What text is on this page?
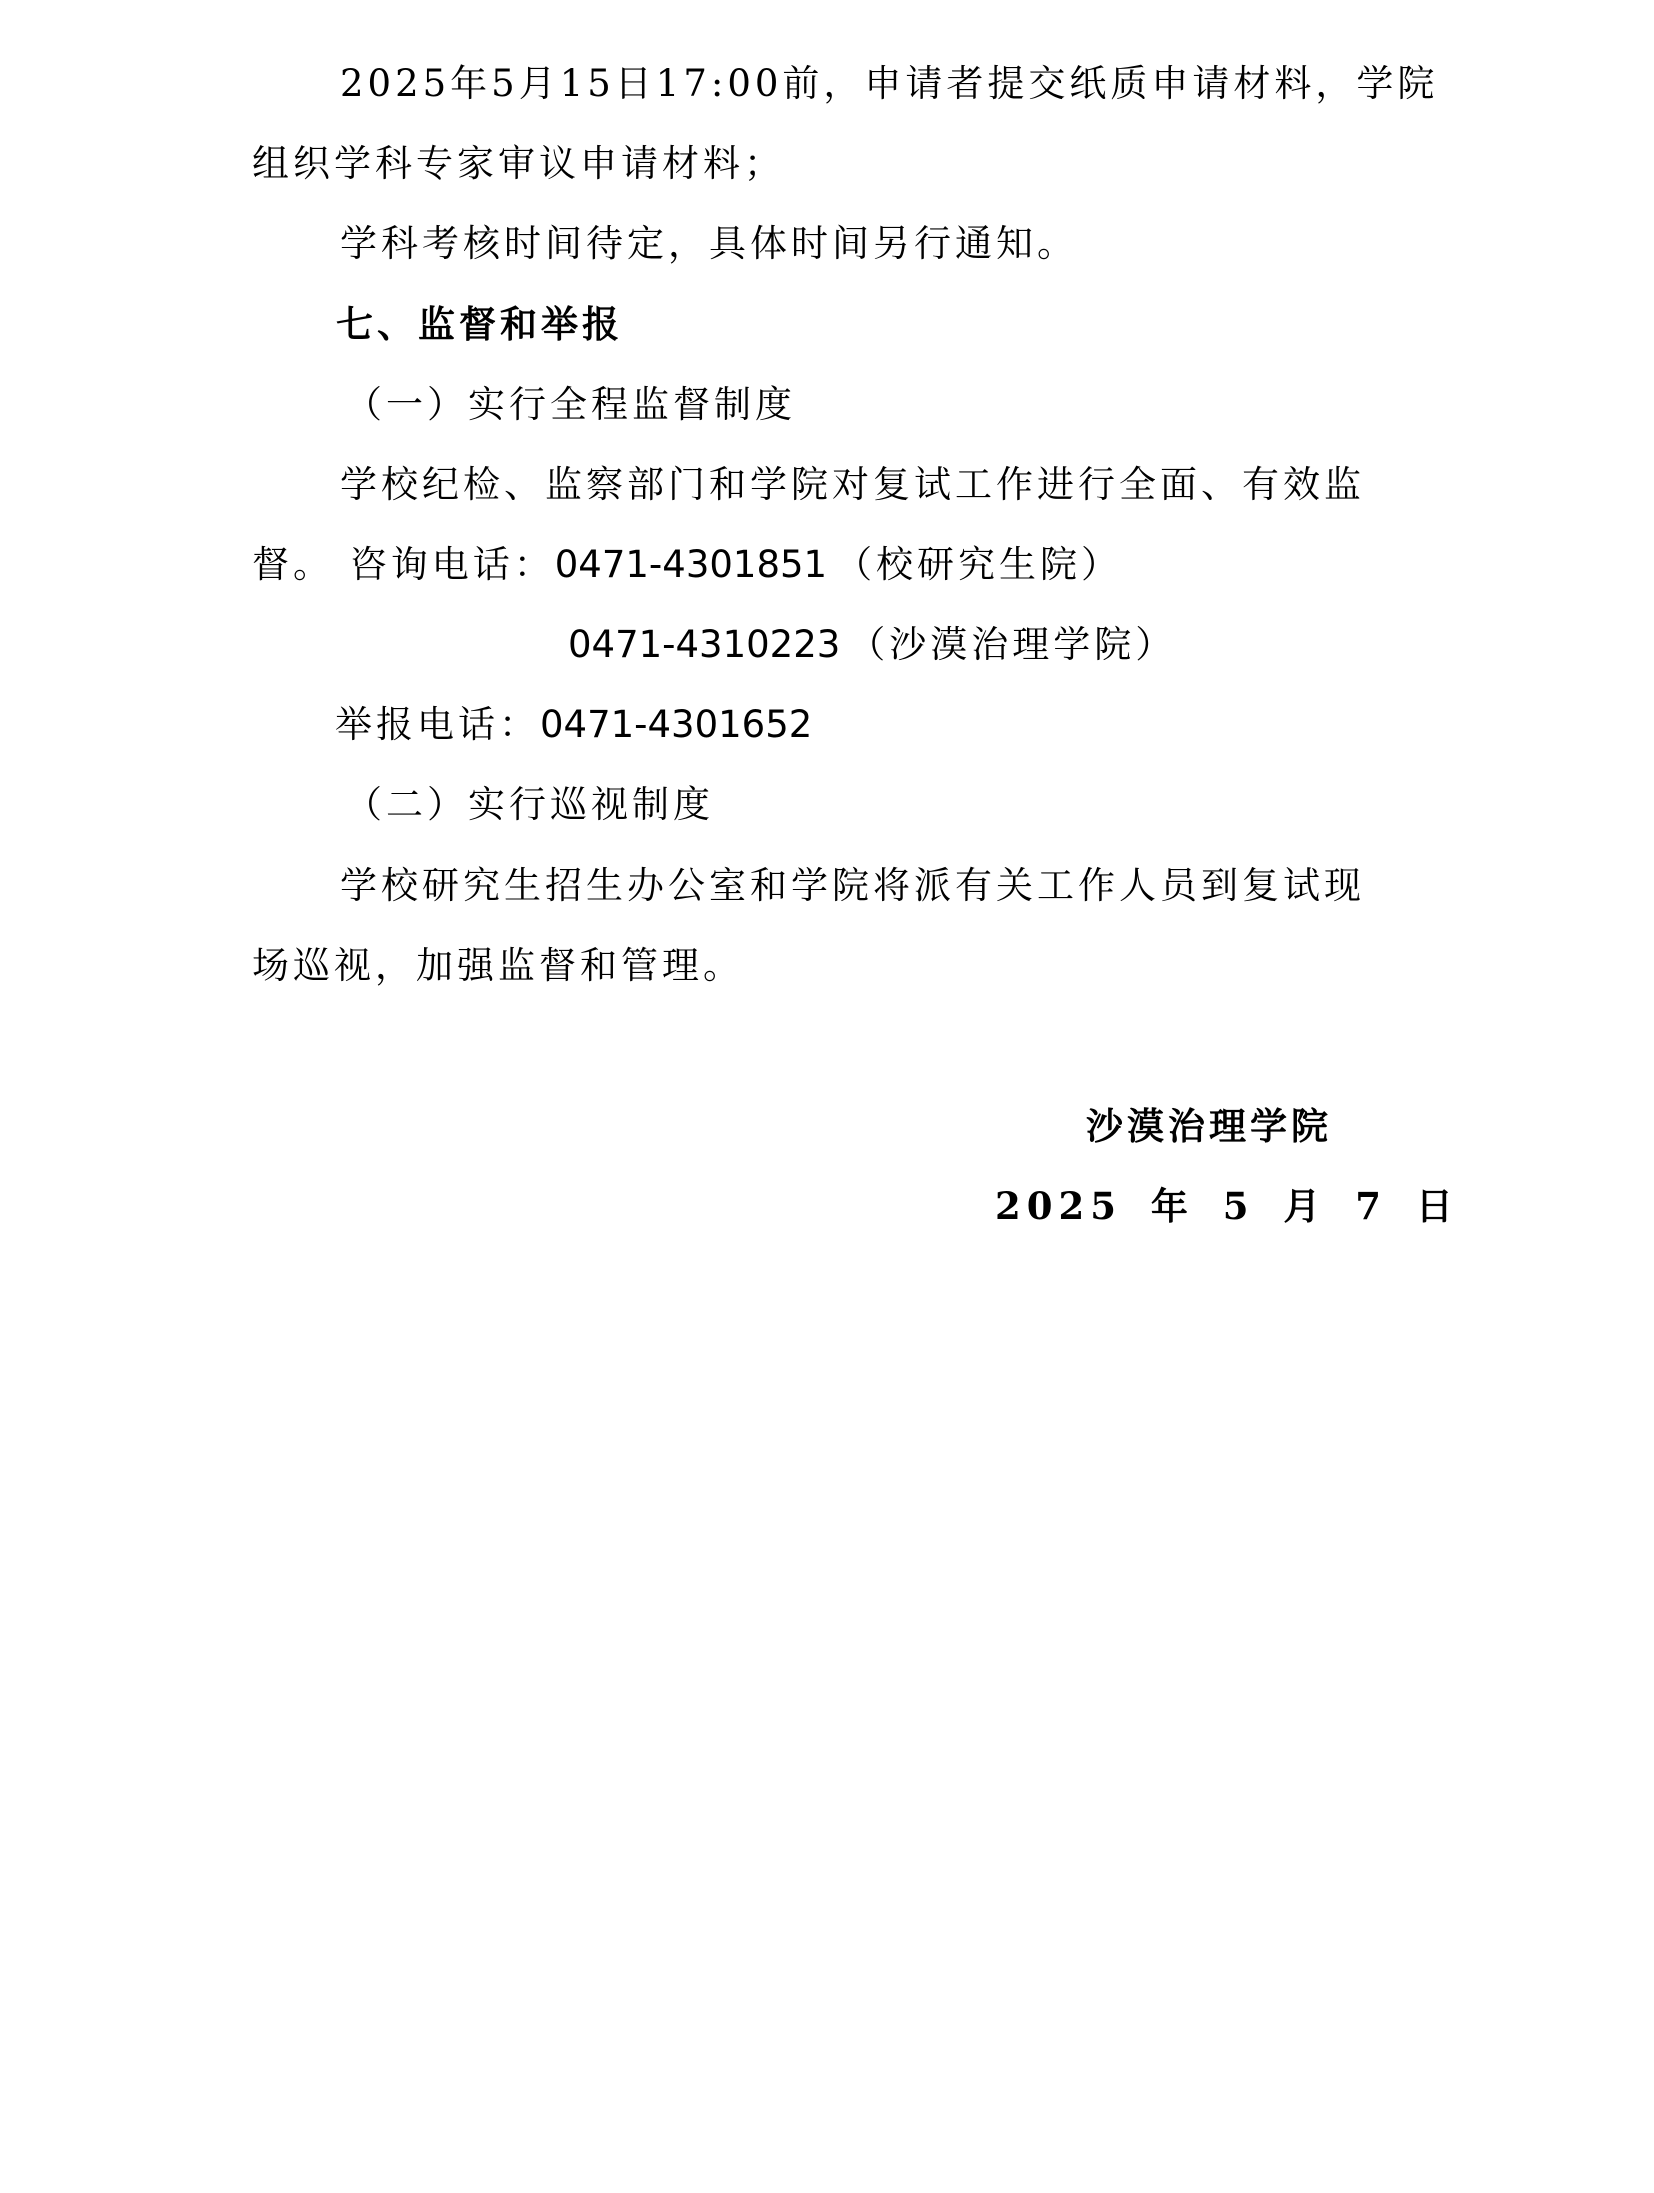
2025年5月15日17:00前，申请者提交纸质申请材料，学院
组织学科专家审议申请材料；
学科考核时间待定，具体时间另行通知。
七、监督和举报
（一）实行全程监督制度
学校纪检、监察部门和学院对复试工作进行全面、有效监
督。 咨询电话：0471-4301851 （校研究生院）
0471-4310223 （沙漠治理学院）
举报电话：0471-4301652
（二）实行巡视制度
学校研究生招生办公室和学院将派有关工作人员到复试现
场巡视，加强监督和管理。
沙漠治理学院
2025 年 5 月 7 日
